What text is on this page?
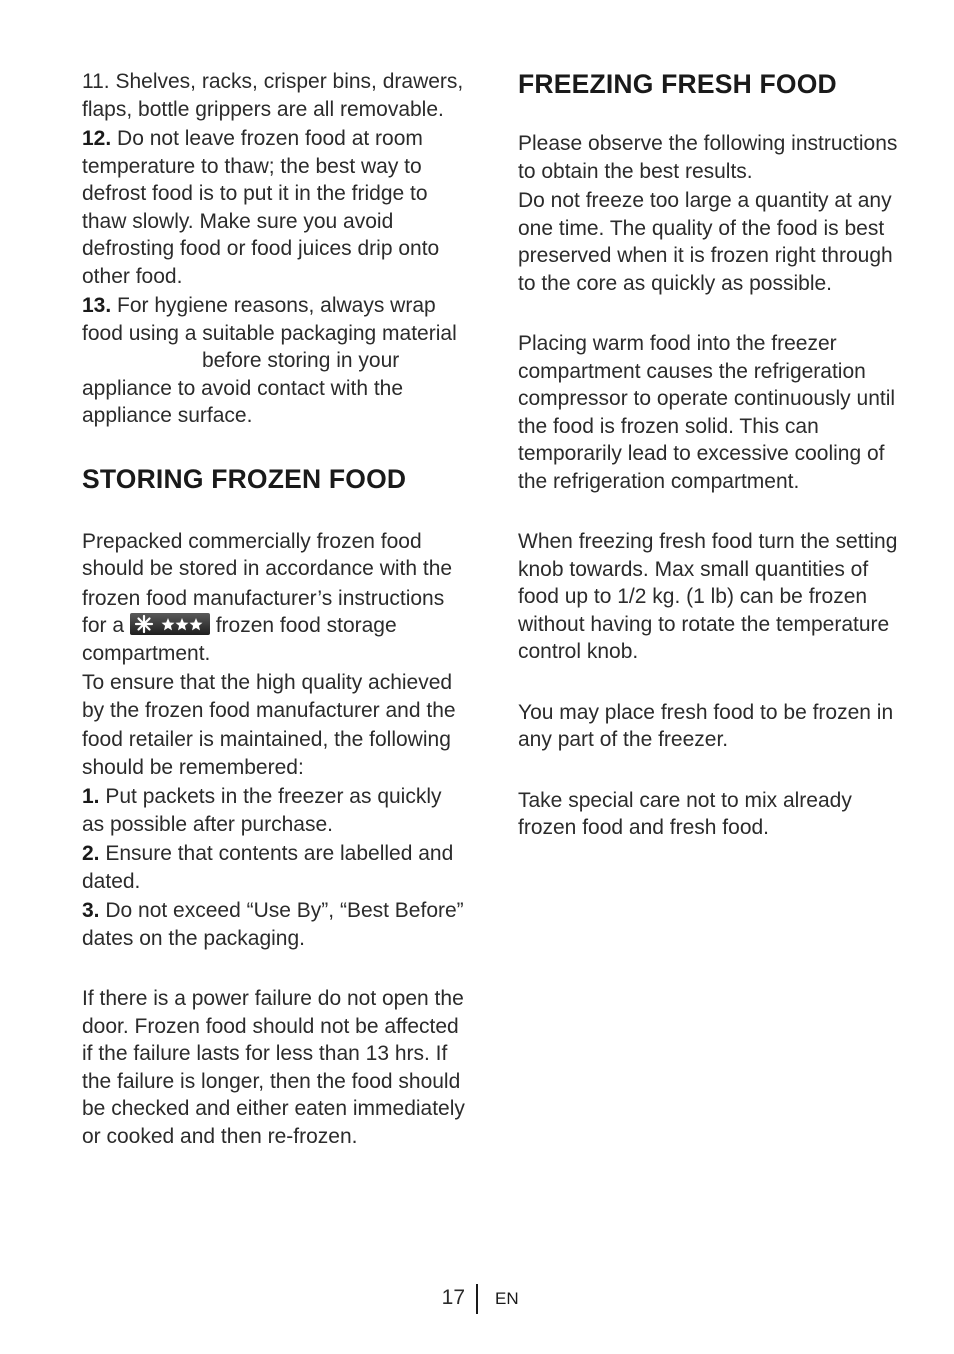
11. Shelves, racks, crisper bins, drawers, flaps, bottle grippers are all removable.

12. Do not leave frozen food at room temperature to thaw; the best way to defrost food is to put it in the fridge to thaw slowly. Make sure you avoid defrosting food or food juices drip onto other food.

13. For hygiene reasons, always wrap food using a suitable packaging materialbefore storing in your appliance to avoid contact with the appliance surface.

STORING FROZEN FOOD

Prepacked commercially frozen food should be stored in accordance with the

frozen food manufacturer’s instructions for a	frozen food storage compartment.

To ensure that the high quality achieved by the frozen food manufacturer and the

food retailer is maintained, the following should be remembered:

1. Put packets in the freezer as quickly as possible after purchase.

2. Ensure that contents are labelled and dated.

3. Do not exceed “Use By”, “Best Before” dates on the packaging.

If there is a power failure do not open the door. Frozen food should not be affected if the failure lasts for less than 13 hrs. If the failure is longer, then the food should be checked and either eaten immediately or cooked and then re-frozen.

FREEZING FRESH FOOD

Please observe the following instructions to obtain the best results.

Do not freeze too large a quantity at any one time. The quality of the food is best preserved when it is frozen right through to the core as quickly as possible.

Placing warm food into the freezer compartment causes the refrigeration compressor to operate continuously until the food is frozen solid. This can temporarily lead to excessive cooling of the refrigeration compartment.

When freezing fresh food turn the setting knob towards. Max small quantities of food up to 1/2 kg. (1 lb) can be frozen without having to rotate the temperature control knob.

You may place fresh food to be frozen in any part of the freezer.

Take special care not to mix already frozen food and fresh food.

17 EN
